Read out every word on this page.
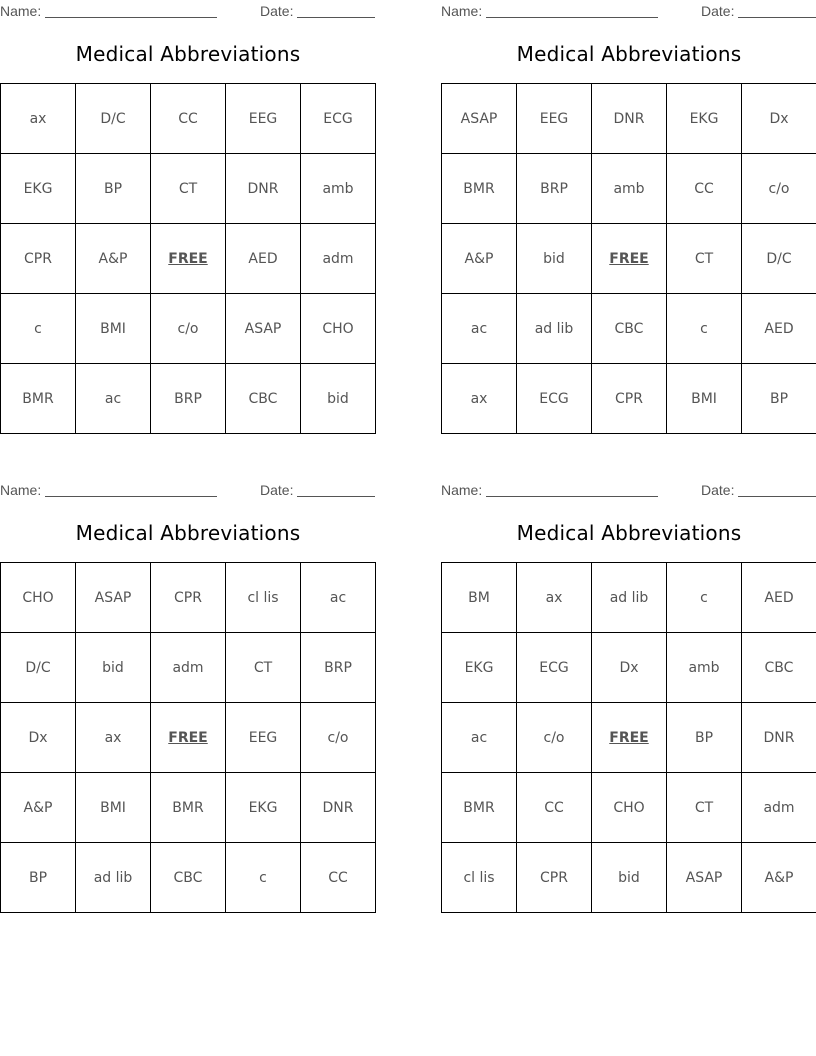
Name:	Date:
Medical Abbreviations
ax	D/C	CC	EEG	ECG
EKG	BP	CT	DNR	amb
CPR	A&P	FREE	AED	adm
c	BMI	c/o	ASAP	CHO
BMR	ac	BRP	CBC	bid
Name:	Date:
Medical Abbreviations
ASAP	EEG	DNR	EKG	Dx
BMR	BRP	amb	CC	c/o
A&P	bid	FREE	CT	D/C
ac	ad lib	CBC	c	AED
ax	ECG	CPR	BMI	BP
Name:	Date:
Medical Abbreviations
CHO	ASAP	CPR	cl lis	ac
D/C	bid	adm	CT	BRP
Dx	ax	FREE	EEG	c/o
A&P	BMI	BMR	EKG	DNR
BP	ad lib	CBC	c	CC
Name:	Date:
Medical Abbreviations
BM	ax	ad lib	c	AED
EKG	ECG	Dx	amb	CBC
ac	c/o	FREE	BP	DNR
BMR	CC	CHO	CT	adm
cl lis	CPR	bid	ASAP	A&P
